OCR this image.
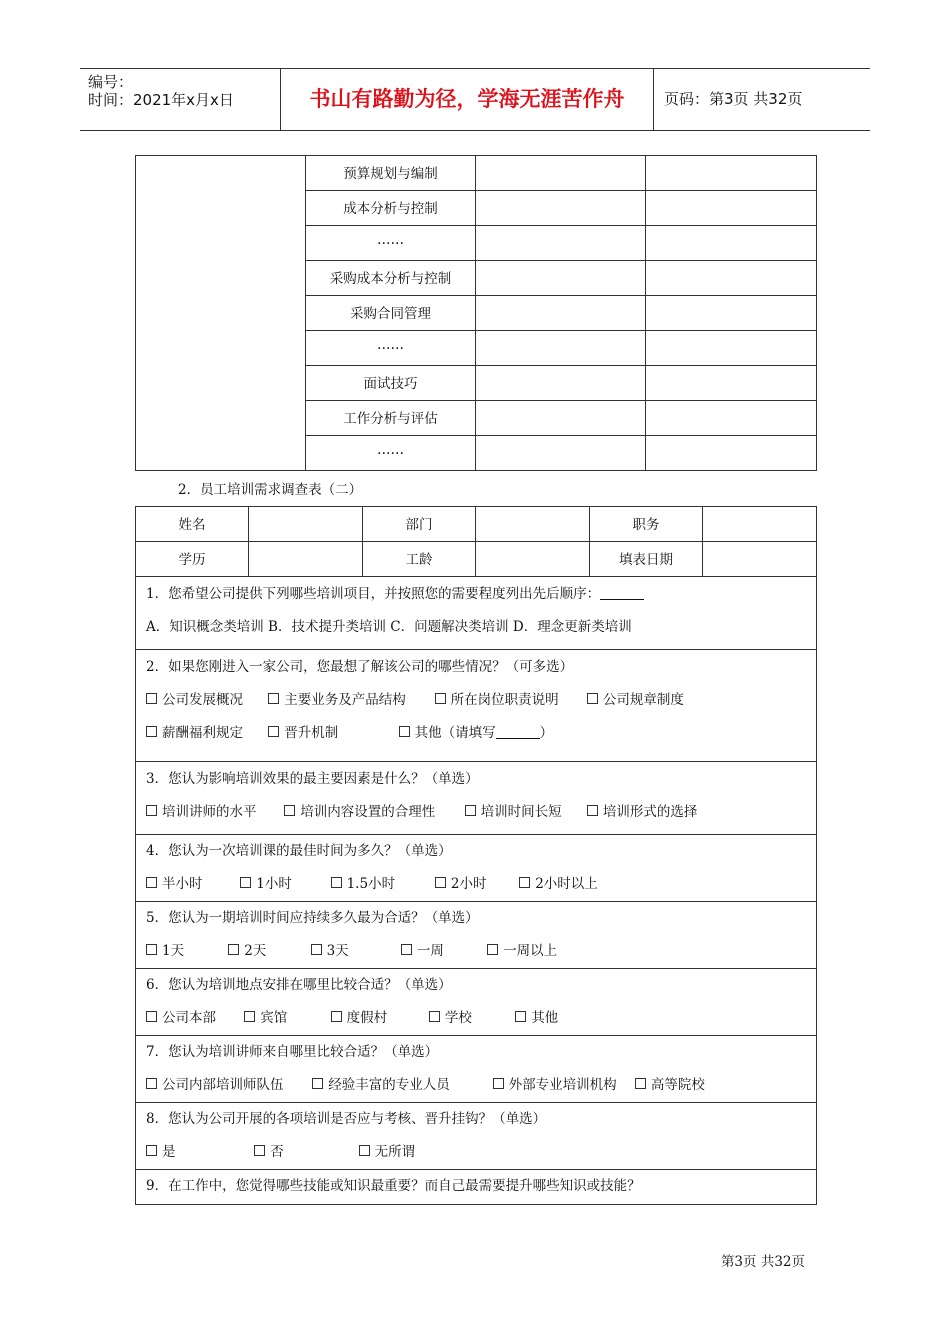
编号：
时间：2021年x月x日	书山有路勤为径，学海无涯苦作舟	页码：第3页 共32页
	预算规划与编制		
	成本分析与控制		
	……		
	采购成本分析与控制		
	采购合同管理		
	……		
	面试技巧		
	工作分析与评估		
	……		
2．员工培训需求调查表（二）
姓名		部门		职务	
学历		工龄		填表日期	

1．您希望公司提供下列哪些培训项目，并按照您的需要程度列出先后顺序：
A．知识概念类培训 B．技术提升类培训 C．问题解决类培训 D．理念更新类培训					

2．如果您刚进入一家公司，您最想了解该公司的哪些情况？（可多选）
公司发展概况 主要业务及产品结构 所在岗位职责说明 公司规章制度
薪酬福利规定 晋升机制 其他（请填写 ）					

3．您认为影响培训效果的最主要因素是什么？（单选）
培训讲师的水平 培训内容设置的合理性 培训时间长短 培训形式的选择					

4．您认为一次培训课的最佳时间为多久？（单选）
半小时 1小时 1.5小时 2小时 2小时以上					

5．您认为一期培训时间应持续多久最为合适？（单选）
1天 2天 3天 一周 一周以上					

6．您认为培训地点安排在哪里比较合适？（单选）
公司本部 宾馆 度假村 学校 其他					

7．您认为培训讲师来自哪里比较合适？（单选）
公司内部培训师队伍 经验丰富的专业人员 外部专业培训机构 高等院校					

8．您认为公司开展的各项培训是否应与考核、晋升挂钩？（单选）
是 否 无所谓					

9．在工作中，您觉得哪些技能或知识最重要？而自己最需要提升哪些知识或技能？					
第3页 共32页
